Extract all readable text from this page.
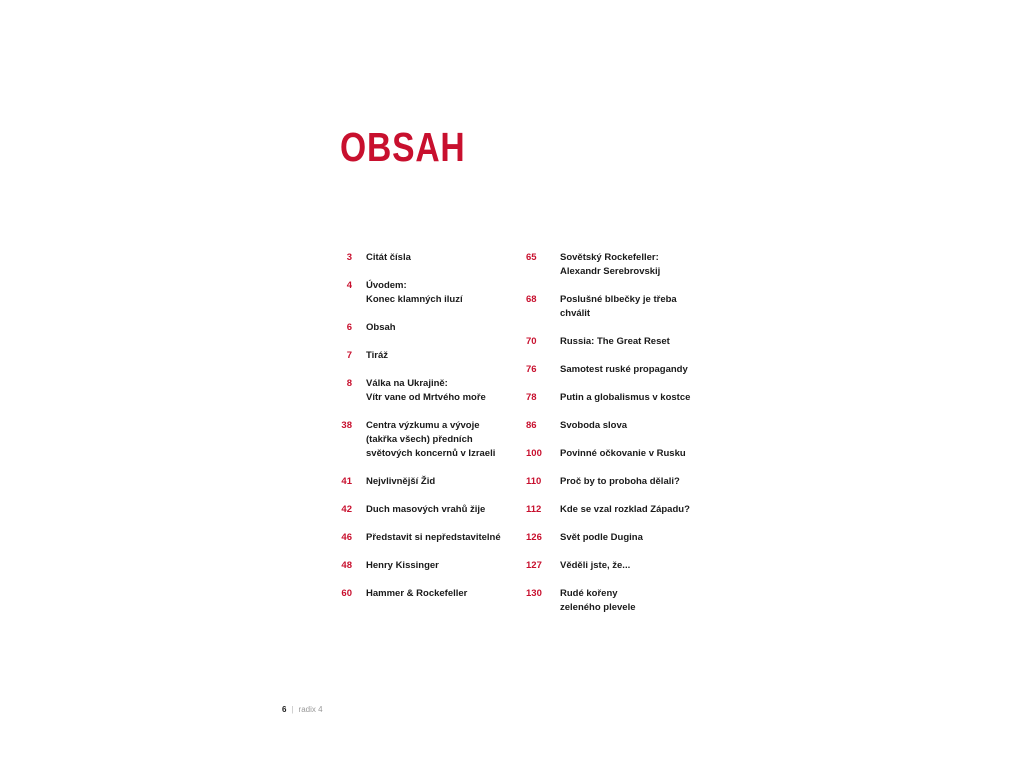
OBSAH
3	Citát čísla
4	Úvodem:
Konec klamných iluzí
6	Obsah
7	Tiráž
8	Válka na Ukrajině:
Vítr vane od Mrtvého moře
38	Centra výzkumu a vývoje
(takřka všech) předních
světových koncernů v Izraeli
41	Nejvlivnější Žid
42	Duch masových vrahů žije
46	Představit si nepředstavitelné
48	Henry Kissinger
60	Hammer & Rockefeller
65	Sovětský Rockefeller:
Alexandr Serebrovskij
68	Poslušné blbečky je třeba
chválit
70	Russia: The Great Reset
76	Samotest ruské propagandy
78	Putin a globalismus v kostce
86	Svoboda slova
100	Povinné očkovanie v Rusku
110	Proč by to proboha dělali?
112	Kde se vzal rozklad Západu?
126	Svět podle Dugina
127	Věděli jste, že...
130	Rudé kořeny
zeleného plevele
6 | radix 4
